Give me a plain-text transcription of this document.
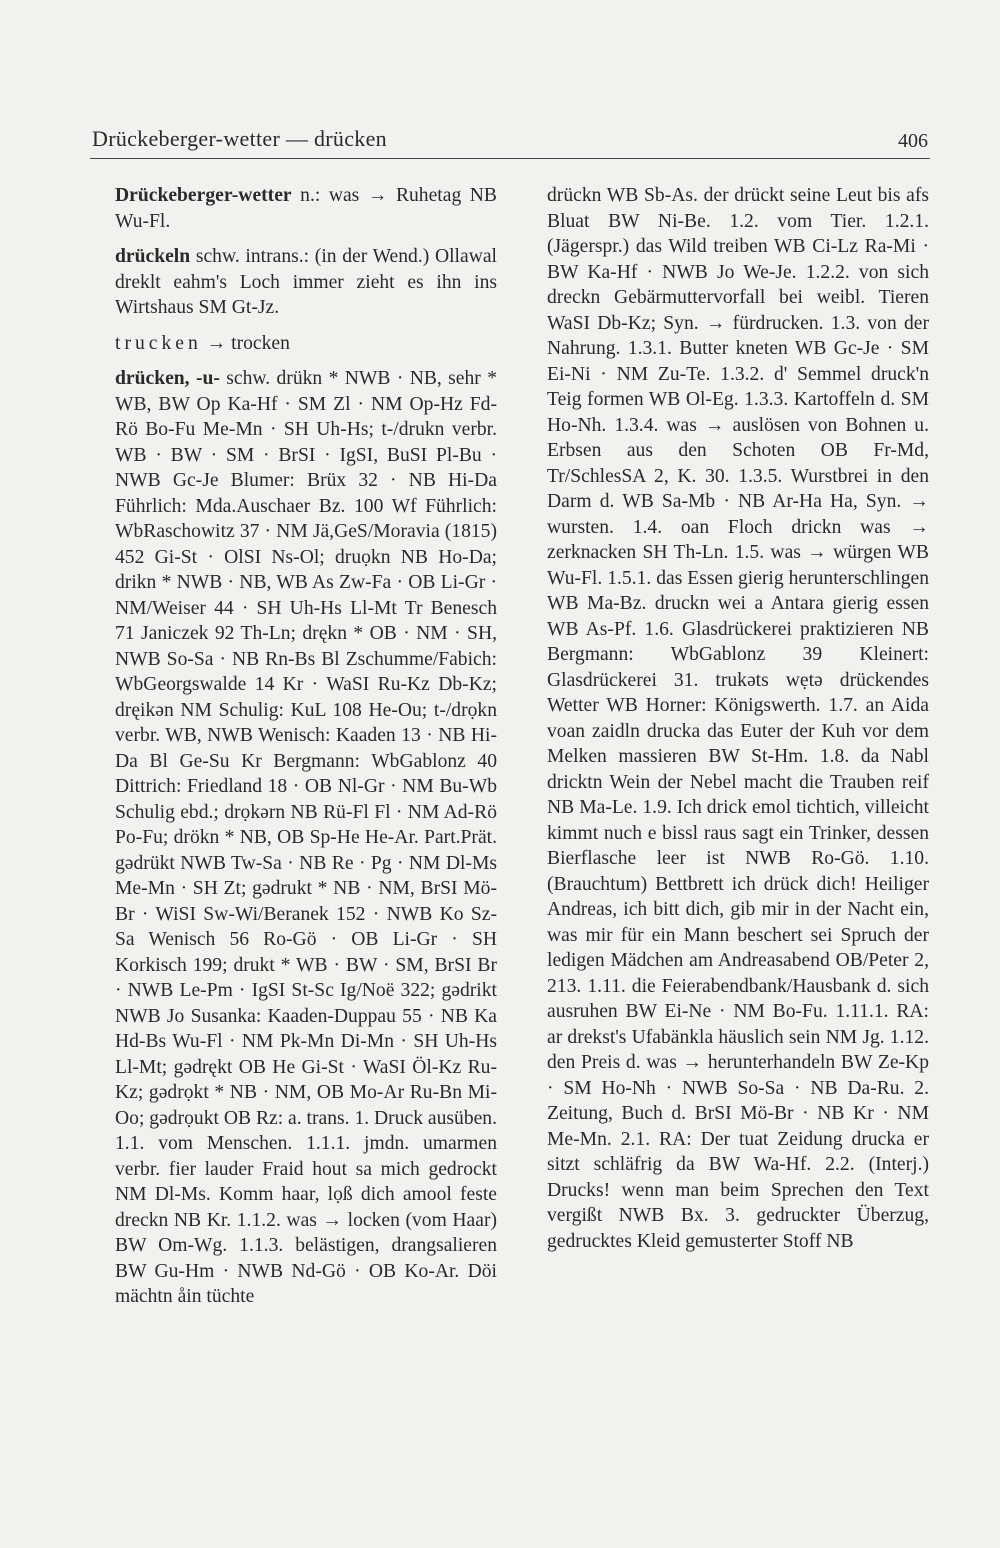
Drückeberger-wetter — drücken	406

Drückeberger-wetter n.: was → Ruhetag NB Wu-Fl.

drückeln schw. intrans.: (in der Wend.) Ollawal dreklt eahm's Loch immer zieht es ihn ins Wirtshaus SM Gt-Jz.

trucken → trocken

drücken, -u- schw. drükn * NWB · NB, sehr * WB, BW Op Ka-Hf · SM Zl · NM Op-Hz Fd-Rö Bo-Fu Me-Mn · SH Uh-Hs; t-/drukn verbr. WB · BW · SM · BrSI · IgSI, BuSI Pl-Bu · NWB Gc-Je Blumer: Brüx 32 · NB Hi-Da Führlich: Mda.Auschaer Bz. 100 Wf Führlich: WbRaschowitz 37 · NM Jä,GeS/Moravia (1815) 452 Gi-St · OlSI Ns-Ol; druọkn NB Ho-Da; drikn * NWB · NB, WB As Zw-Fa · OB Li-Gr · NM/Weiser 44 · SH Uh-Hs Ll-Mt Tr Benesch 71 Janiczek 92 Th-Ln; drękn * OB · NM · SH, NWB So-Sa · NB Rn-Bs Bl Zschumme/Fabich: WbGeorgswalde 14 Kr · WaSI Ru-Kz Db-Kz; dręikən NM Schulig: KuL 108 He-Ou; t-/drọkn verbr. WB, NWB Wenisch: Kaaden 13 · NB Hi-Da Bl Ge-Su Kr Bergmann: WbGablonz 40 Dittrich: Friedland 18 · OB Nl-Gr · NM Bu-Wb Schulig ebd.; drọkərn NB Rü-Fl Fl · NM Ad-Rö Po-Fu; drökn * NB, OB Sp-He He-Ar. Part.Prät. gədrükt NWB Tw-Sa · NB Re · Pg · NM Dl-Ms Me-Mn · SH Zt; gədrukt * NB · NM, BrSI Mö-Br · WiSI Sw-Wi/Beranek 152 · NWB Ko Sz-Sa Wenisch 56 Ro-Gö · OB Li-Gr · SH Korkisch 199; drukt * WB · BW · SM, BrSI Br · NWB Le-Pm · IgSI St-Sc Ig/Noë 322; gədrikt NWB Jo Susanka: Kaaden-Duppau 55 · NB Ka Hd-Bs Wu-Fl · NM Pk-Mn Di-Mn · SH Uh-Hs Ll-Mt; gədrękt OB He Gi-St · WaSI Öl-Kz Ru-Kz; gədrọkt * NB · NM, OB Mo-Ar Ru-Bn Mi-Oo; gədrọukt OB Rz: a. trans. 1. Druck ausüben. 1.1. vom Menschen. 1.1.1. jmdn. umarmen verbr. fier lauder Fraid hout sa mich gedrockt NM Dl-Ms. Komm haar, lọß dich amool feste dreckn NB Kr. 1.1.2. was → locken (vom Haar) BW Om-Wg. 1.1.3. belästigen, drangsalieren BW Gu-Hm · NWB Nd-Gö · OB Ko-Ar. Döi mächtn åin tüchte

drückn WB Sb-As. der drückt seine Leut bis afs Bluat BW Ni-Be. 1.2. vom Tier. 1.2.1. (Jägerspr.) das Wild treiben WB Ci-Lz Ra-Mi · BW Ka-Hf · NWB Jo We-Je. 1.2.2. von sich dreckn Gebärmuttervorfall bei weibl. Tieren WaSI Db-Kz; Syn. → fürdrucken. 1.3. von der Nahrung. 1.3.1. Butter kneten WB Gc-Je · SM Ei-Ni · NM Zu-Te. 1.3.2. d' Semmel druck'n Teig formen WB Ol-Eg. 1.3.3. Kartoffeln d. SM Ho-Nh. 1.3.4. was → auslösen von Bohnen u. Erbsen aus den Schoten OB Fr-Md, Tr/SchlesSA 2, K. 30. 1.3.5. Wurstbrei in den Darm d. WB Sa-Mb · NB Ar-Ha Ha, Syn. → wursten. 1.4. oan Floch drickn was → zerknacken SH Th-Ln. 1.5. was → würgen WB Wu-Fl. 1.5.1. das Essen gierig herunterschlingen WB Ma-Bz. druckn wei a Antara gierig essen WB As-Pf. 1.6. Glasdrückerei praktizieren NB Bergmann: WbGablonz 39 Kleinert: Glasdrückerei 31. trukəts wẹtə drückendes Wetter WB Horner: Königswerth. 1.7. an Aida voan zaidln drucka das Euter der Kuh vor dem Melken massieren BW St-Hm. 1.8. da Nabl dricktn Wein der Nebel macht die Trauben reif NB Ma-Le. 1.9. Ich drick emol tichtich, villeicht kimmt nuch e bissl raus sagt ein Trinker, dessen Bierflasche leer ist NWB Ro-Gö. 1.10. (Brauchtum) Bettbrett ich drück dich! Heiliger Andreas, ich bitt dich, gib mir in der Nacht ein, was mir für ein Mann beschert sei Spruch der ledigen Mädchen am Andreasabend OB/Peter 2, 213. 1.11. die Feierabendbank/Hausbank d. sich ausruhen BW Ei-Ne · NM Bo-Fu. 1.11.1. RA: ar drekst's Ufabänkla häuslich sein NM Jg. 1.12. den Preis d. was → herunterhandeln BW Ze-Kp · SM Ho-Nh · NWB So-Sa · NB Da-Ru. 2. Zeitung, Buch d. BrSI Mö-Br · NB Kr · NM Me-Mn. 2.1. RA: Der tuat Zeidung drucka er sitzt schläfrig da BW Wa-Hf. 2.2. (Interj.) Drucks! wenn man beim Sprechen den Text vergißt NWB Bx. 3. gedruckter Überzug, gedrucktes Kleid gemusterter Stoff NB
